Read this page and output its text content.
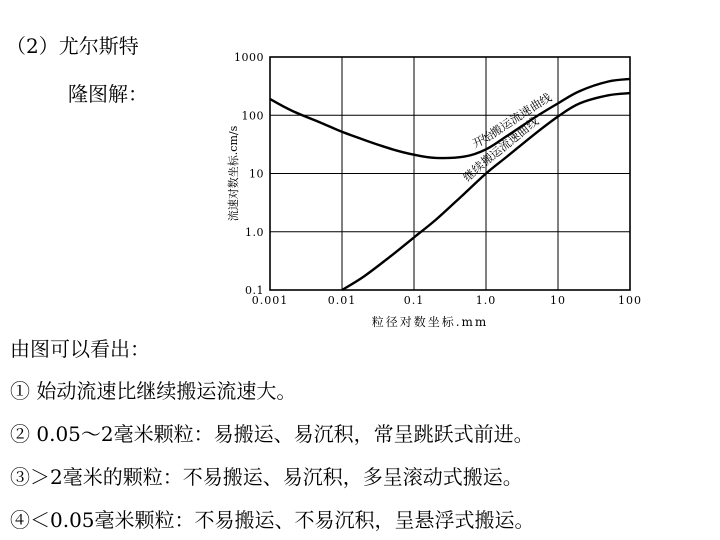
（2）尤尔斯特
隆图解：
0.001	0.01	0.1	1.0	10	100
0.1
1.0
10
100
1000
开始搬运流速曲线
继续搬运流速曲线
粒径对数坐标.mm
流速对数坐标.cm/s
由图可以看出：
① 始动流速比继续搬运流速大。
② 0.05～2毫米颗粒：易搬运、易沉积，常呈跳跃式前进。
③＞2毫米的颗粒：不易搬运、易沉积，多呈滚动式搬运。
④＜0.05毫米颗粒：不易搬运、不易沉积，呈悬浮式搬运。
